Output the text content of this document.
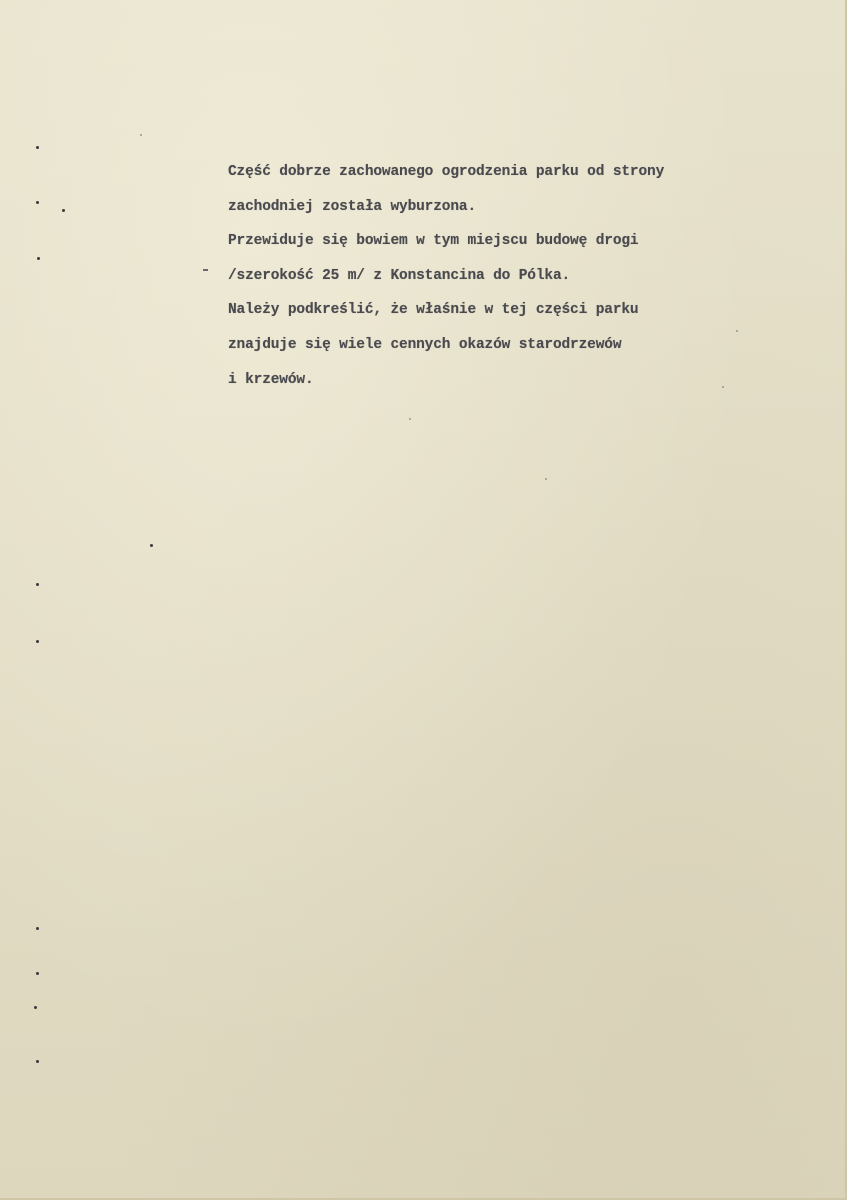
Część dobrze zachowanego ogrodzenia parku od strony
zachodniej została wyburzona.
Przewiduje się bowiem w tym miejscu budowę drogi
/szerokość 25 m/ z Konstancina do Pólka.
Należy podkreślić, że właśnie w tej części parku
znajduje się wiele cennych okazów starodrzewów
i krzewów.
